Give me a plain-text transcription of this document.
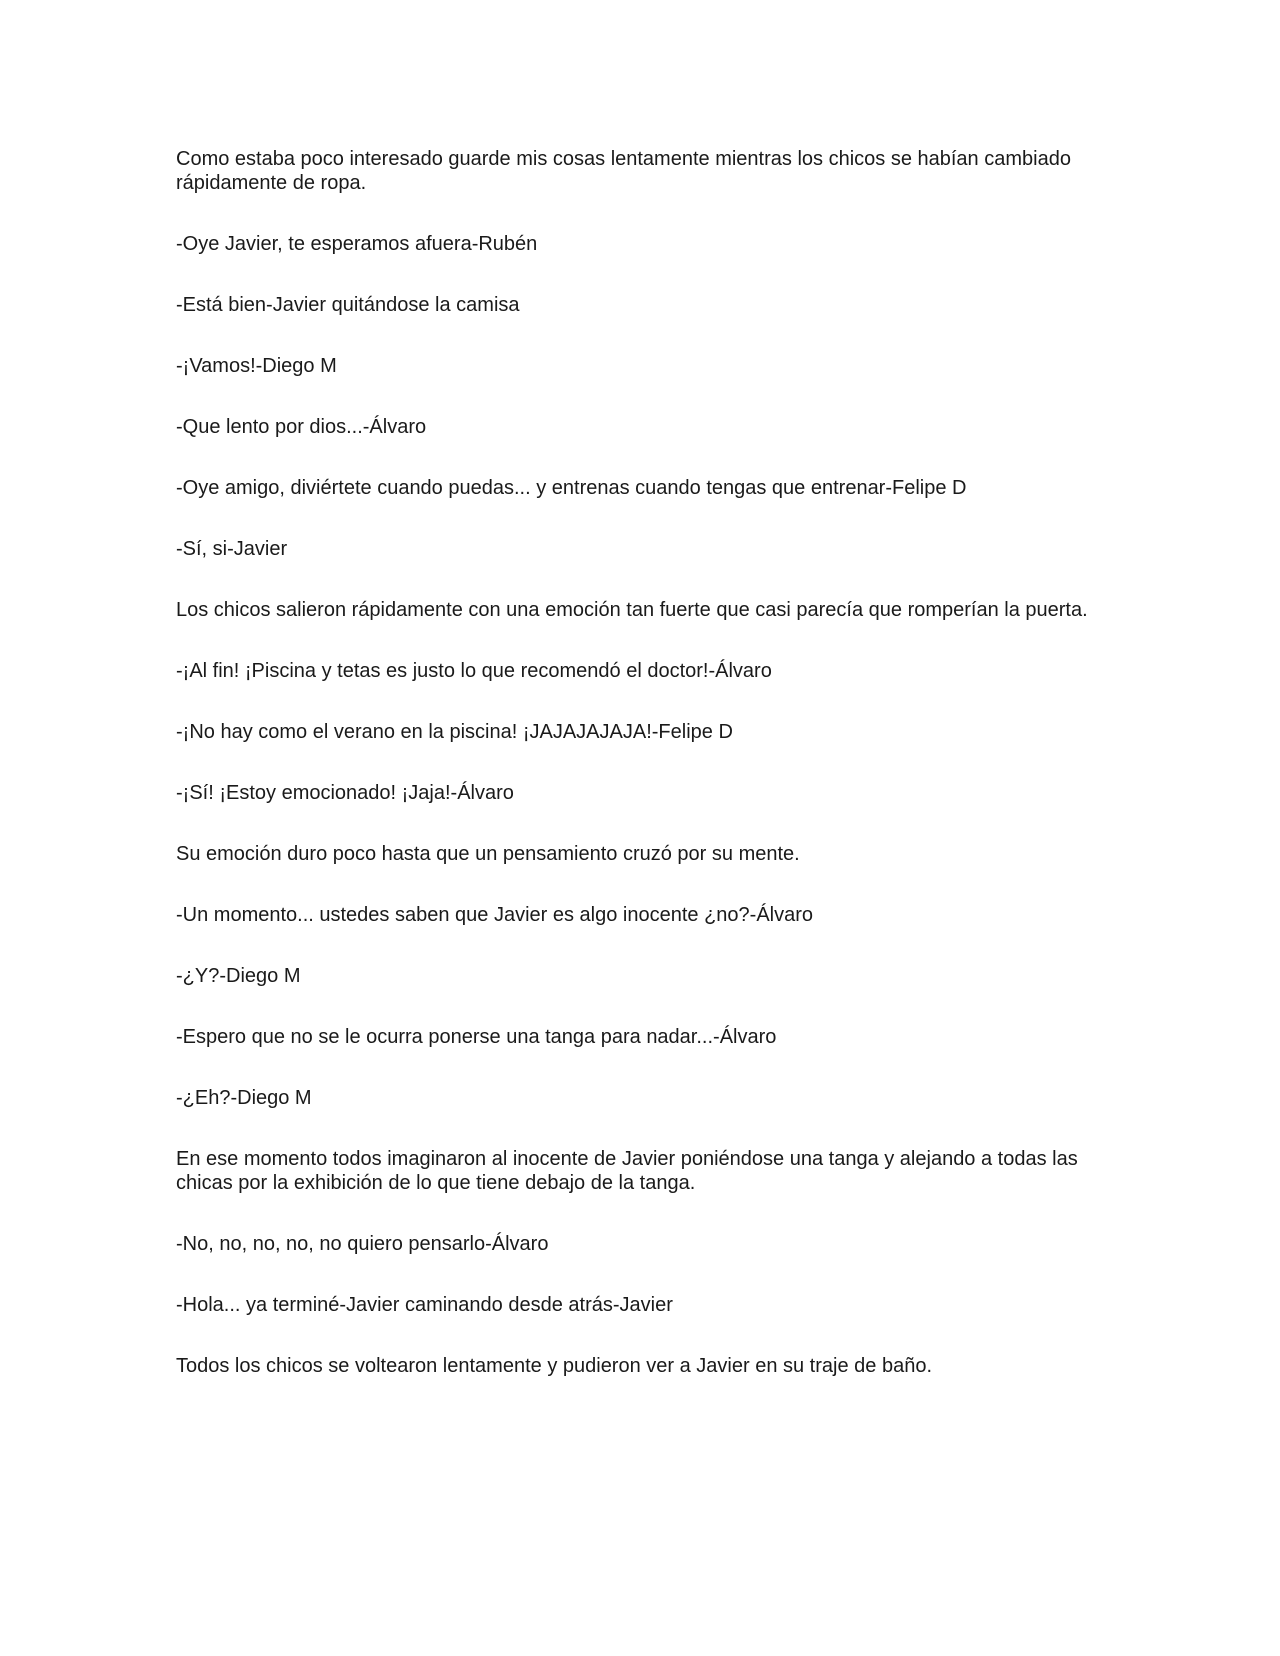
Como estaba poco interesado guarde mis cosas lentamente mientras los chicos se habían cambiado rápidamente de ropa.

-Oye Javier, te esperamos afuera-Rubén

-Está bien-Javier quitándose la camisa

-¡Vamos!-Diego M

-Que lento por dios...-Álvaro

-Oye amigo, diviértete cuando puedas... y entrenas cuando tengas que entrenar-Felipe D

-Sí, si-Javier

Los chicos salieron rápidamente con una emoción tan fuerte que casi parecía que romperían la puerta.

-¡Al fin! ¡Piscina y tetas es justo lo que recomendó el doctor!-Álvaro

-¡No hay como el verano en la piscina! ¡JAJAJAJAJA!-Felipe D

-¡Sí! ¡Estoy emocionado! ¡Jaja!-Álvaro

Su emoción duro poco hasta que un pensamiento cruzó por su mente.

-Un momento... ustedes saben que Javier es algo inocente ¿no?-Álvaro

-¿Y?-Diego M

-Espero que no se le ocurra ponerse una tanga para nadar...-Álvaro

-¿Eh?-Diego M

En ese momento todos imaginaron al inocente de Javier poniéndose una tanga y alejando a todas las chicas por la exhibición de lo que tiene debajo de la tanga.

-No, no, no, no, no quiero pensarlo-Álvaro

-Hola... ya terminé-Javier caminando desde atrás-Javier

Todos los chicos se voltearon lentamente y pudieron ver a Javier en su traje de baño.
